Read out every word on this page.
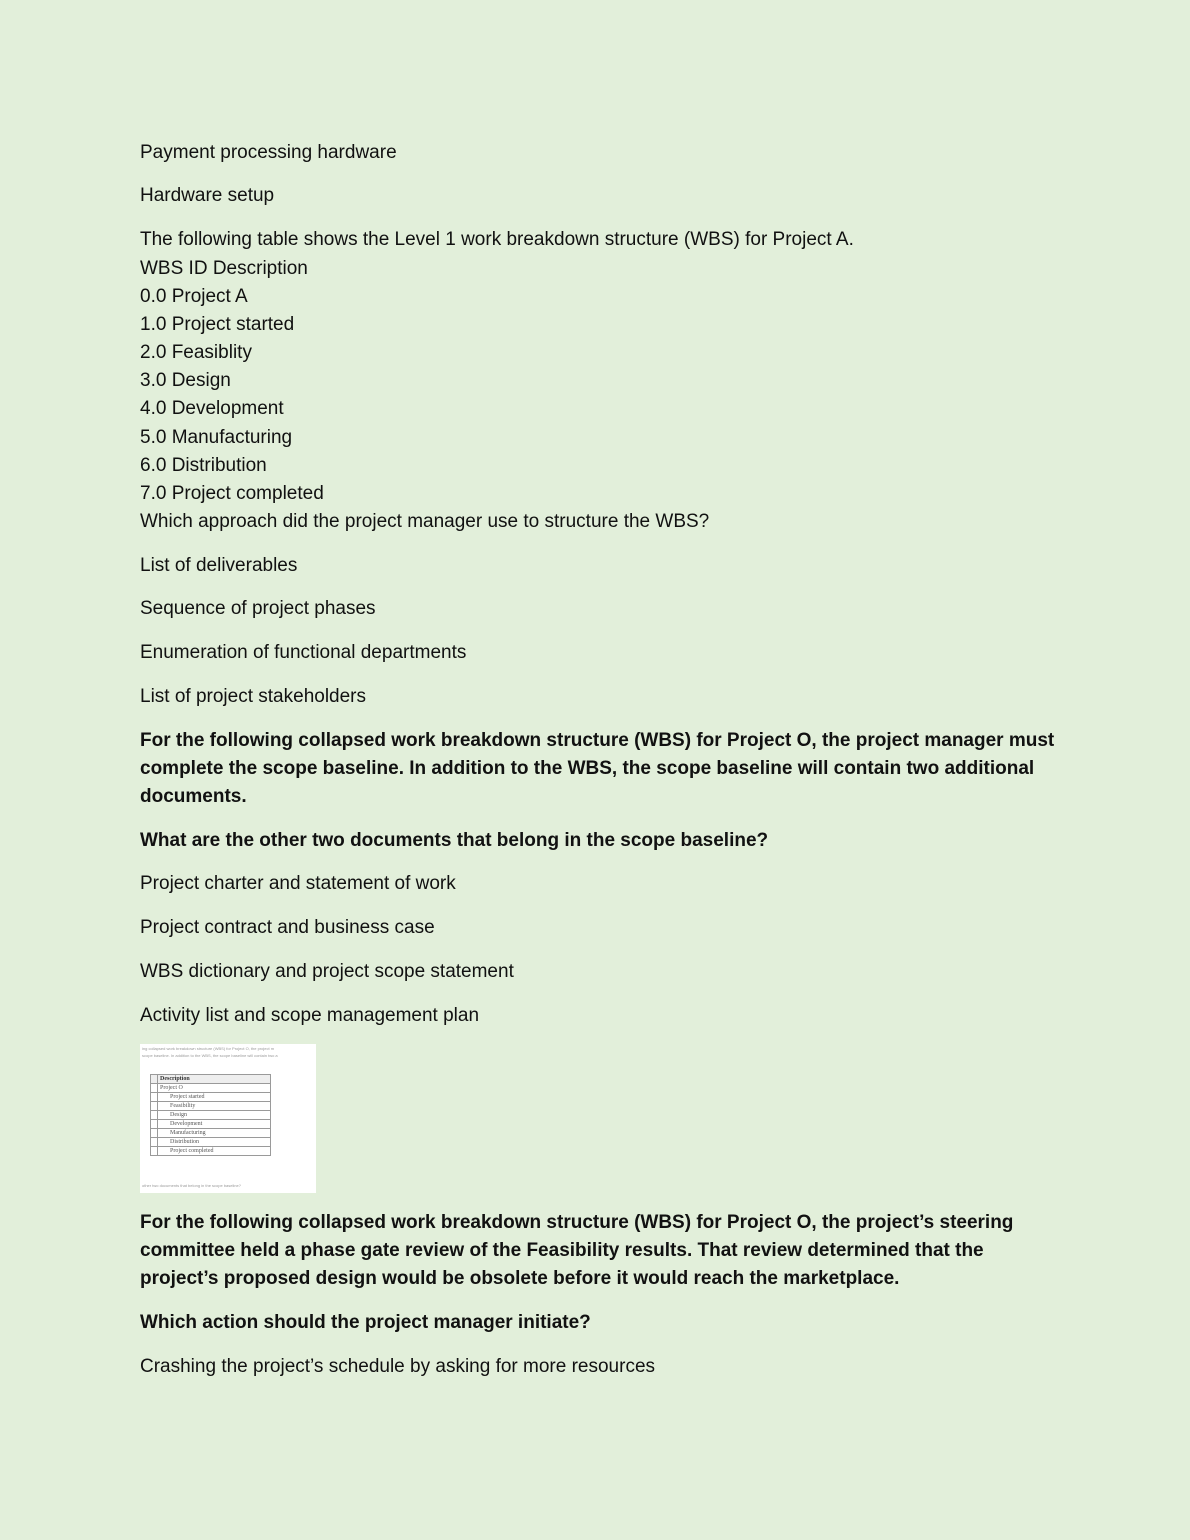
Payment processing hardware
Hardware setup
The following table shows the Level 1 work breakdown structure (WBS) for Project A.
WBS ID Description
0.0 Project A
1.0 Project started
2.0 Feasiblity
3.0 Design
4.0 Development
5.0 Manufacturing
6.0 Distribution
7.0 Project completed
Which approach did the project manager use to structure the WBS?
List of deliverables
Sequence of project phases
Enumeration of functional departments
List of project stakeholders
For the following collapsed work breakdown structure (WBS) for Project O, the project manager must complete the scope baseline. In addition to the WBS, the scope baseline will contain two additional documents.
What are the other two documents that belong in the scope baseline?
Project charter and statement of work
Project contract and business case
WBS dictionary and project scope statement
Activity list and scope management plan
ing collapsed work breakdown structure (WBS) for Project O, the project m
scope baseline. In addition to the WBS, the scope baseline will contain two a
	Description
	Project O
	Project started
	Feasibility
	Design
	Development
	Manufacturing
	Distribution
	Project completed
other two documents that belong in the scope baseline?
For the following collapsed work breakdown structure (WBS) for Project O, the project’s steering committee held a phase gate review of the Feasibility results. That review determined that the project’s proposed design would be obsolete before it would reach the marketplace.
Which action should the project manager initiate?
Crashing the project’s schedule by asking for more resources
